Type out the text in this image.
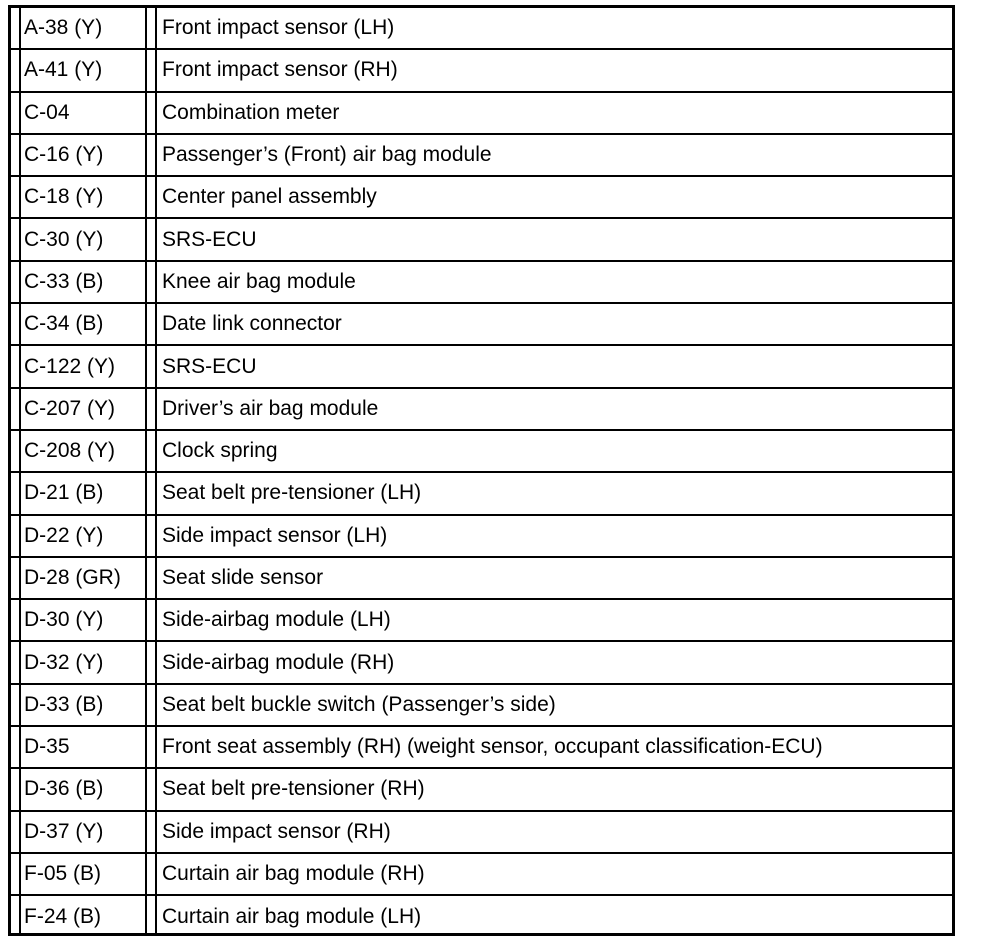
A-38 (Y)	Front impact sensor (LH)
A-41 (Y)	Front impact sensor (RH)
C-04	Combination meter
C-16 (Y)	Passenger’s (Front) air bag module
C-18 (Y)	Center panel assembly
C-30 (Y)	SRS-ECU
C-33 (B)	Knee air bag module
C-34 (B)	Date link connector
C-122 (Y) SRS-ECU
C-207 (Y) Driver’s air bag module
C-208 (Y) Clock spring
D-21 (B)	Seat belt pre-tensioner (LH)
D-22 (Y)	Side impact sensor (LH)
D-28 (GR) Seat slide sensor
D-30 (Y)	Side-airbag module (LH)
D-32 (Y)	Side-airbag module (RH)
D-33 (B)	Seat belt buckle switch (Passenger’s side)
D-35	Front seat assembly (RH) (weight sensor, occupant classification-ECU)
D-36 (B)	Seat belt pre-tensioner (RH)
D-37 (Y)	Side impact sensor (RH)
F-05 (B)	Curtain air bag module (RH)
F-24 (B)	Curtain air bag module (LH)
